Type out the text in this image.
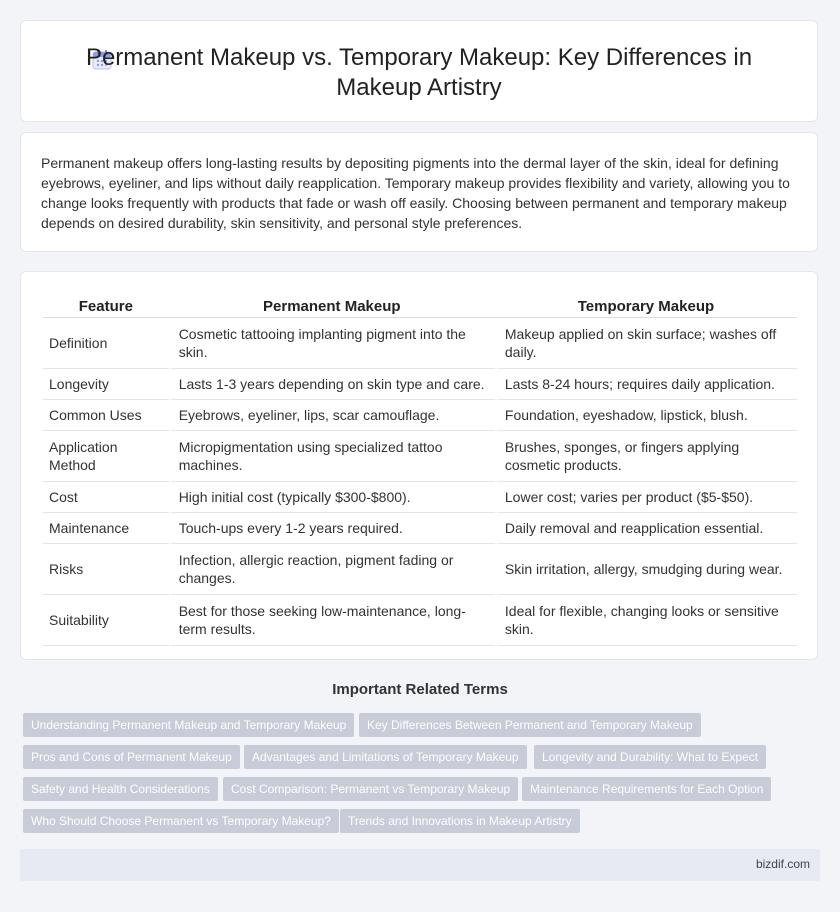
Permanent Makeup vs. Temporary Makeup: Key Differences in Makeup Artistry

Permanent makeup offers long-lasting results by depositing pigments into the dermal layer of the skin, ideal for defining eyebrows, eyeliner, and lips without daily reapplication. Temporary makeup provides flexibility and variety, allowing you to change looks frequently with products that fade or wash off easily. Choosing between permanent and temporary makeup depends on desired durability, skin sensitivity, and personal style preferences.

Feature	Permanent Makeup	Temporary Makeup
Definition	Cosmetic tattooing implanting pigment into the skin.	Makeup applied on skin surface; washes off daily.
Longevity	Lasts 1-3 years depending on skin type and care.	Lasts 8-24 hours; requires daily application.
Common Uses	Eyebrows, eyeliner, lips, scar camouflage.	Foundation, eyeshadow, lipstick, blush.
Application Method	Micropigmentation using specialized tattoo machines.	Brushes, sponges, or fingers applying cosmetic products.
Cost	High initial cost (typically $300-$800).	Lower cost; varies per product ($5-$50).
Maintenance	Touch-ups every 1-2 years required.	Daily removal and reapplication essential.
Risks	Infection, allergic reaction, pigment fading or changes.	Skin irritation, allergy, smudging during wear.
Suitability	Best for those seeking low-maintenance, long-term results.	Ideal for flexible, changing looks or sensitive skin.
Important Related Terms
Understanding Permanent Makeup and Temporary Makeup	Key Differences Between Permanent and Temporary Makeup
Pros and Cons of Permanent Makeup	Advantages and Limitations of Temporary Makeup	Longevity and Durability: What to Expect
Safety and Health Considerations	Cost Comparison: Permanent vs Temporary Makeup	Maintenance Requirements for Each Option
Who Should Choose Permanent vs Temporary Makeup?	Trends and Innovations in Makeup Artistry
bizdif.com
